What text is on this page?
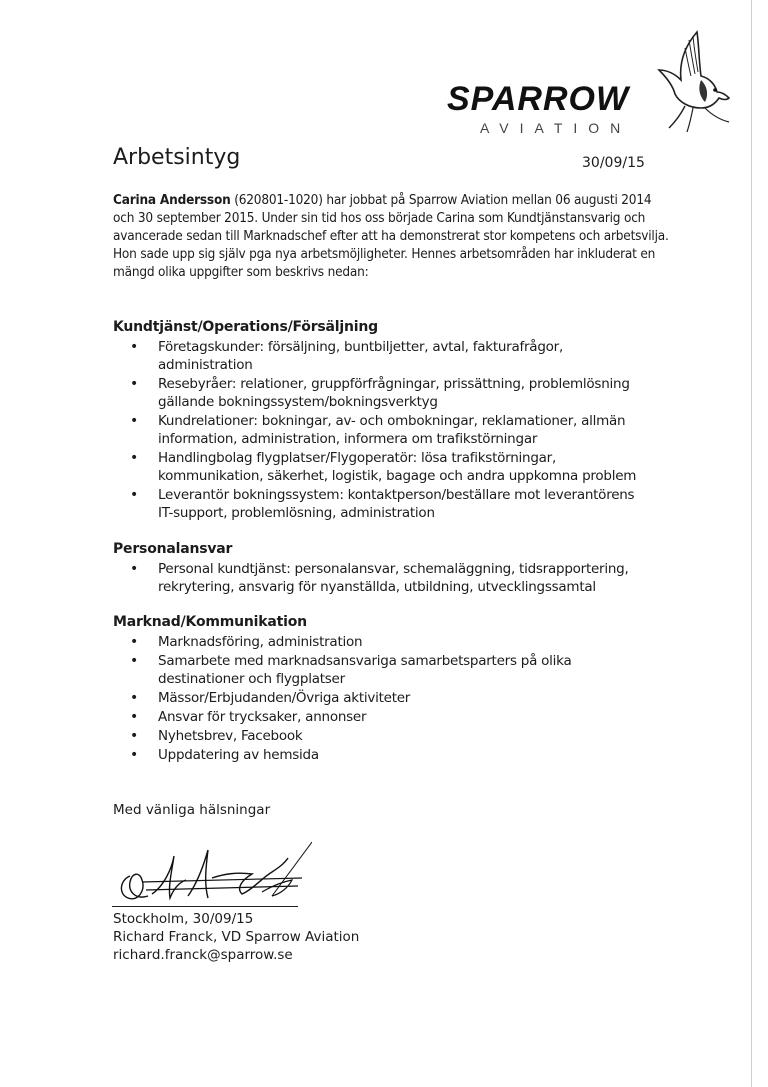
SPARROW
AVIATION
Arbetsintyg	30/09/15
Carina Andersson (620801-1020) har jobbat på Sparrow Aviation mellan 06 augusti 2014 och 30 september 2015. Under sin tid hos oss började Carina som Kundtjänstansvarig och avancerade sedan till Marknadschef efter att ha demonstrerat stor kompetens och arbetsvilja. Hon sade upp sig själv pga nya arbetsmöjligheter. Hennes arbetsområden har inkluderat en mängd olika uppgifter som beskrivs nedan:
Kundtjänst/Operations/Försäljning
• Företagskunder: försäljning, buntbiljetter, avtal, fakturafrågor, administration
• Resebyråer: relationer, gruppförfrågningar, prissättning, problemlösning gällande bokningssystem/bokningsverktyg
• Kundrelationer: bokningar, av- och ombokningar, reklamationer, allmän information, administration, informera om trafikstörningar
• Handlingbolag flygplatser/Flygoperatör: lösa trafikstörningar, kommunikation, säkerhet, logistik, bagage och andra uppkomna problem
• Leverantör bokningssystem: kontaktperson/beställare mot leverantörens IT-support, problemlösning, administration
Personalansvar
• Personal kundtjänst: personalansvar, schemaläggning, tidsrapportering, rekrytering, ansvarig för nyanställda, utbildning, utvecklingssamtal
Marknad/Kommunikation
• Marknadsföring, administration
• Samarbete med marknadsansvariga samarbetsparters på olika destinationer och flygplatser
• Mässor/Erbjudanden/Övriga aktiviteter
• Ansvar för trycksaker, annonser
• Nyhetsbrev, Facebook
• Uppdatering av hemsida
Med vänliga hälsningar
Stockholm, 30/09/15
Richard Franck, VD Sparrow Aviation
richard.franck@sparrow.se
